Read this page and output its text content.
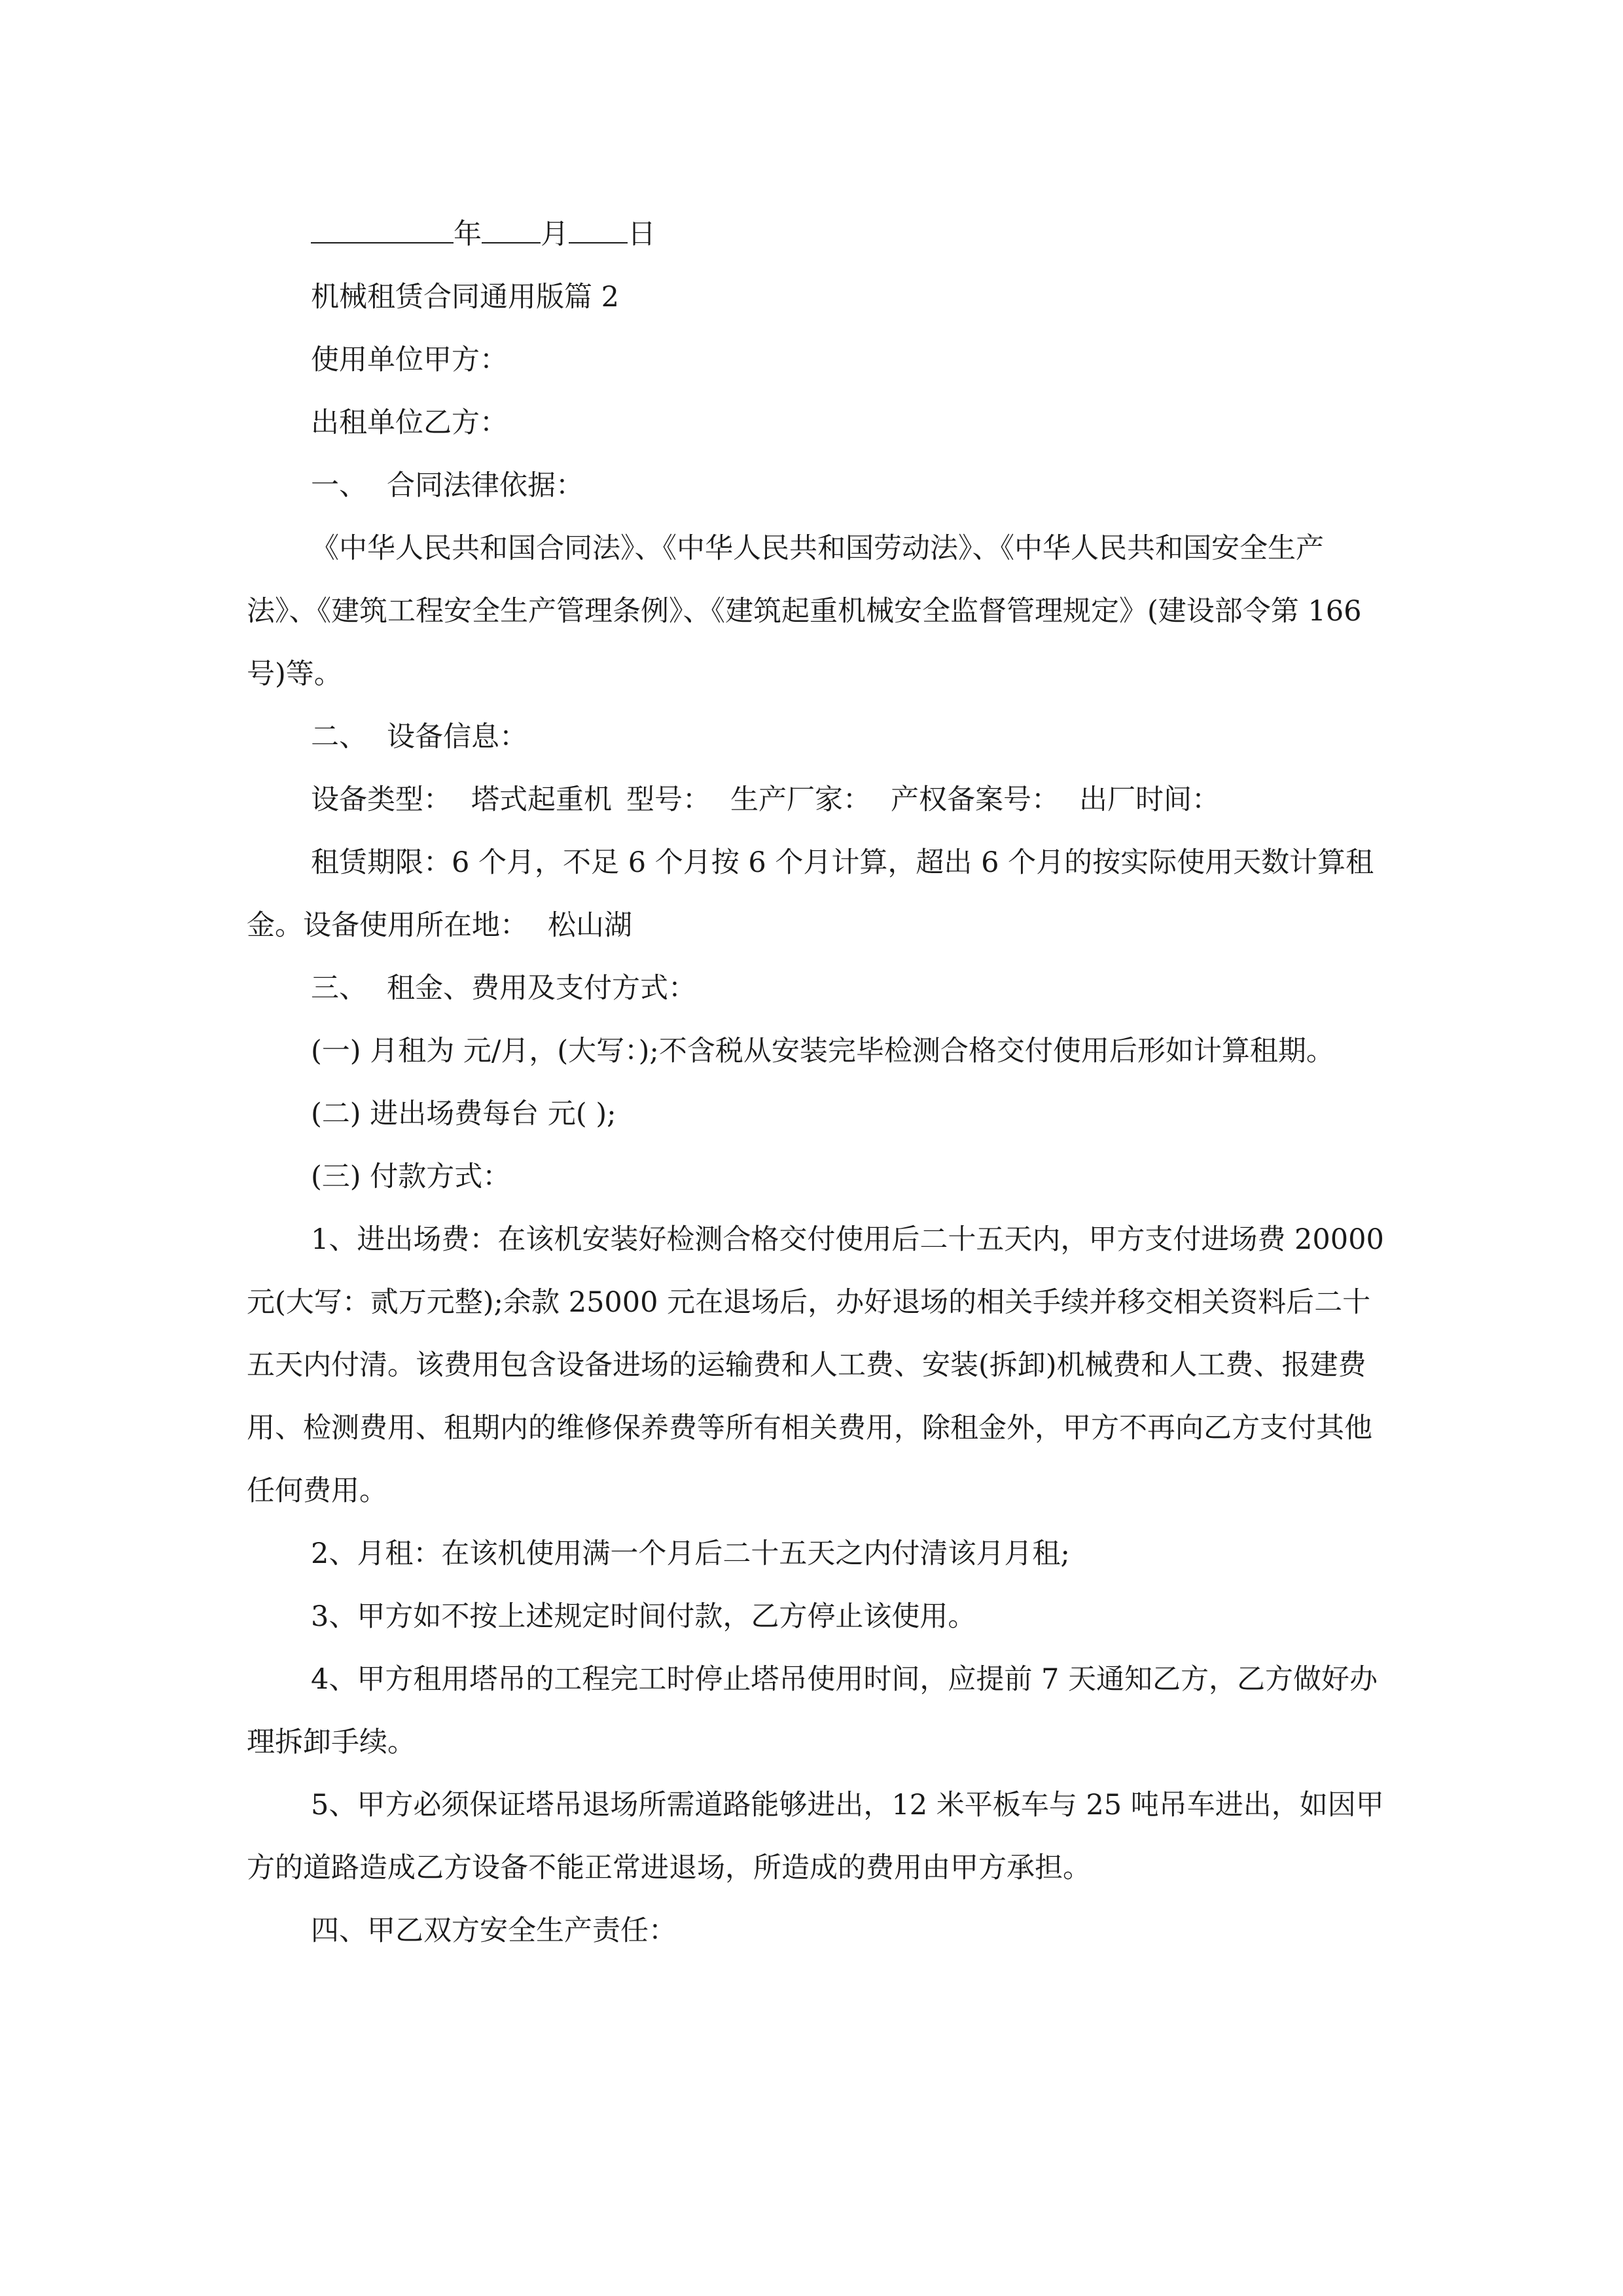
年 月 日

机械租赁合同通用版篇 2

使用单位甲方：

出租单位乙方：

一、 合同法律依据：

《中华人民共和国合同法》、《中华人民共和国劳动法》、《中华人民共和国安全生产法》、《建筑工程安全生产管理条例》、《建筑起重机械安全监督管理规定》(建设部令第 166 号)等。

二、 设备信息：

设备类型： 塔式起重机 型号： 生产厂家： 产权备案号： 出厂时间：

租赁期限：6 个月，不足 6 个月按 6 个月计算，超出 6 个月的按实际使用天数计算租金。设备使用所在地： 松山湖

三、 租金、费用及支付方式：

(一) 月租为 元/月，(大写：);不含税从安装完毕检测合格交付使用后形如计算租期。

(二) 进出场费每台 元( );

(三) 付款方式：

1、进出场费：在该机安装好检测合格交付使用后二十五天内，甲方支付进场费 20000 元(大写：贰万元整);余款 25000 元在退场后，办好退场的相关手续并移交相关资料后二十五天内付清。该费用包含设备进场的运输费和人工费、安装(拆卸)机械费和人工费、报建费用、检测费用、租期内的维修保养费等所有相关费用，除租金外，甲方不再向乙方支付其他任何费用。

2、月租：在该机使用满一个月后二十五天之内付清该月月租;

3、甲方如不按上述规定时间付款，乙方停止该使用。

4、甲方租用塔吊的工程完工时停止塔吊使用时间，应提前 7 天通知乙方，乙方做好办理拆卸手续。

5、甲方必须保证塔吊退场所需道路能够进出，12 米平板车与 25 吨吊车进出，如因甲方的道路造成乙方设备不能正常进退场，所造成的费用由甲方承担。

四、甲乙双方安全生产责任：
